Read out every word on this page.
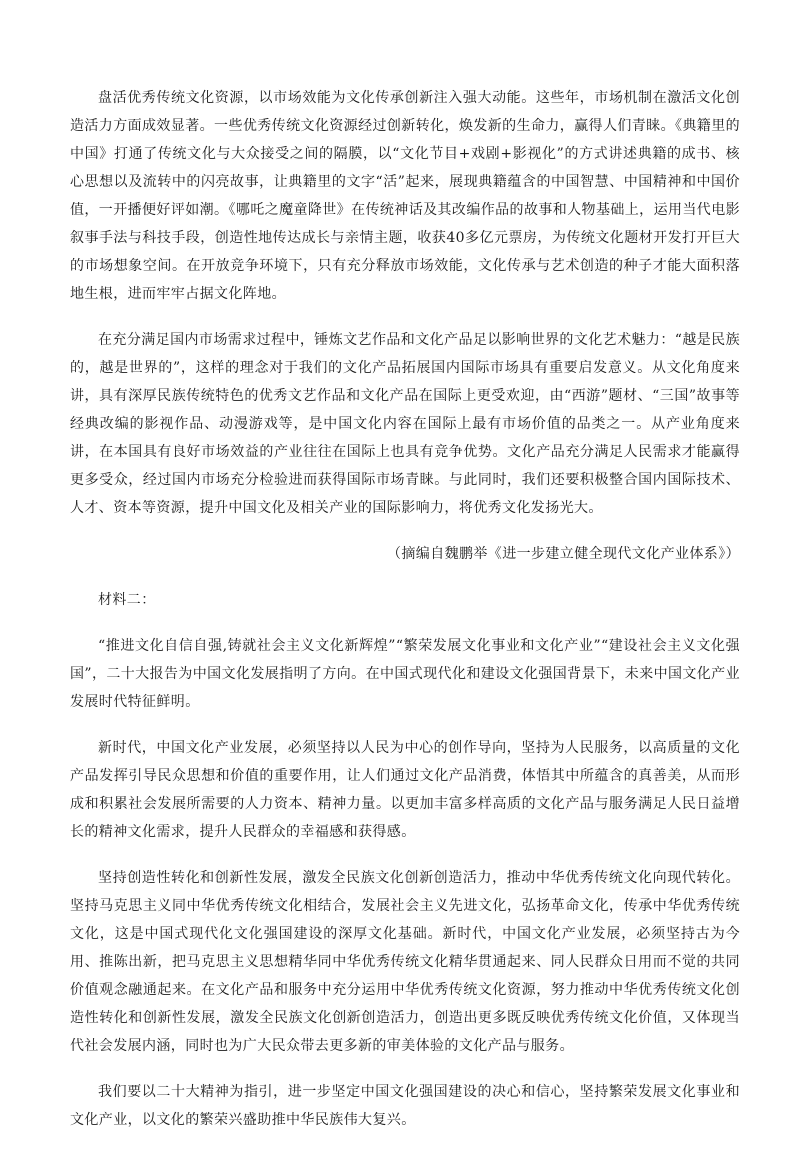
盘活优秀传统文化资源，以市场效能为文化传承创新注入强大动能。这些年，市场机制在激活文化创造活力方面成效显著。一些优秀传统文化资源经过创新转化，焕发新的生命力，赢得人们青睐。《典籍里的中国》打通了传统文化与大众接受之间的隔膜，以“文化节目+戏剧+影视化”的方式讲述典籍的成书、核心思想以及流转中的闪亮故事，让典籍里的文字“活”起来，展现典籍蕴含的中国智慧、中国精神和中国价值，一开播便好评如潮。《哪吒之魔童降世》在传统神话及其改编作品的故事和人物基础上，运用当代电影叙事手法与科技手段，创造性地传达成长与亲情主题，收获40多亿元票房，为传统文化题材开发打开巨大的市场想象空间。在开放竞争环境下，只有充分释放市场效能，文化传承与艺术创造的种子才能大面积落地生根，进而牢牢占据文化阵地。

在充分满足国内市场需求过程中，锤炼文艺作品和文化产品足以影响世界的文化艺术魅力：“越是民族的，越是世界的”，这样的理念对于我们的文化产品拓展国内国际市场具有重要启发意义。从文化角度来讲，具有深厚民族传统特色的优秀文艺作品和文化产品在国际上更受欢迎，由“西游”题材、“三国”故事等经典改编的影视作品、动漫游戏等，是中国文化内容在国际上最有市场价值的品类之一。从产业角度来讲，在本国具有良好市场效益的产业往往在国际上也具有竞争优势。文化产品充分满足人民需求才能赢得更多受众，经过国内市场充分检验进而获得国际市场青睐。与此同时，我们还要积极整合国内国际技术、人才、资本等资源，提升中国文化及相关产业的国际影响力，将优秀文化发扬光大。

（摘编自魏鹏举《进一步建立健全现代文化产业体系》）

材料二：

“推进文化自信自强,铸就社会主义文化新辉煌”“繁荣发展文化事业和文化产业”“建设社会主义文化强国”，二十大报告为中国文化发展指明了方向。在中国式现代化和建设文化强国背景下，未来中国文化产业发展时代特征鲜明。

新时代，中国文化产业发展，必须坚持以人民为中心的创作导向，坚持为人民服务，以高质量的文化产品发挥引导民众思想和价值的重要作用，让人们通过文化产品消费，体悟其中所蕴含的真善美，从而形成和积累社会发展所需要的人力资本、精神力量。以更加丰富多样高质的文化产品与服务满足人民日益增长的精神文化需求，提升人民群众的幸福感和获得感。

坚持创造性转化和创新性发展，激发全民族文化创新创造活力，推动中华优秀传统文化向现代转化。坚持马克思主义同中华优秀传统文化相结合，发展社会主义先进文化，弘扬革命文化，传承中华优秀传统文化，这是中国式现代化文化强国建设的深厚文化基础。新时代，中国文化产业发展，必须坚持古为今用、推陈出新，把马克思主义思想精华同中华优秀传统文化精华贯通起来、同人民群众日用而不觉的共同价值观念融通起来。在文化产品和服务中充分运用中华优秀传统文化资源，努力推动中华优秀传统文化创造性转化和创新性发展，激发全民族文化创新创造活力，创造出更多既反映优秀传统文化价值，又体现当代社会发展内涵，同时也为广大民众带去更多新的审美体验的文化产品与服务。

我们要以二十大精神为指引，进一步坚定中国文化强国建设的决心和信心，坚持繁荣发展文化事业和文化产业，以文化的繁荣兴盛助推中华民族伟大复兴。
